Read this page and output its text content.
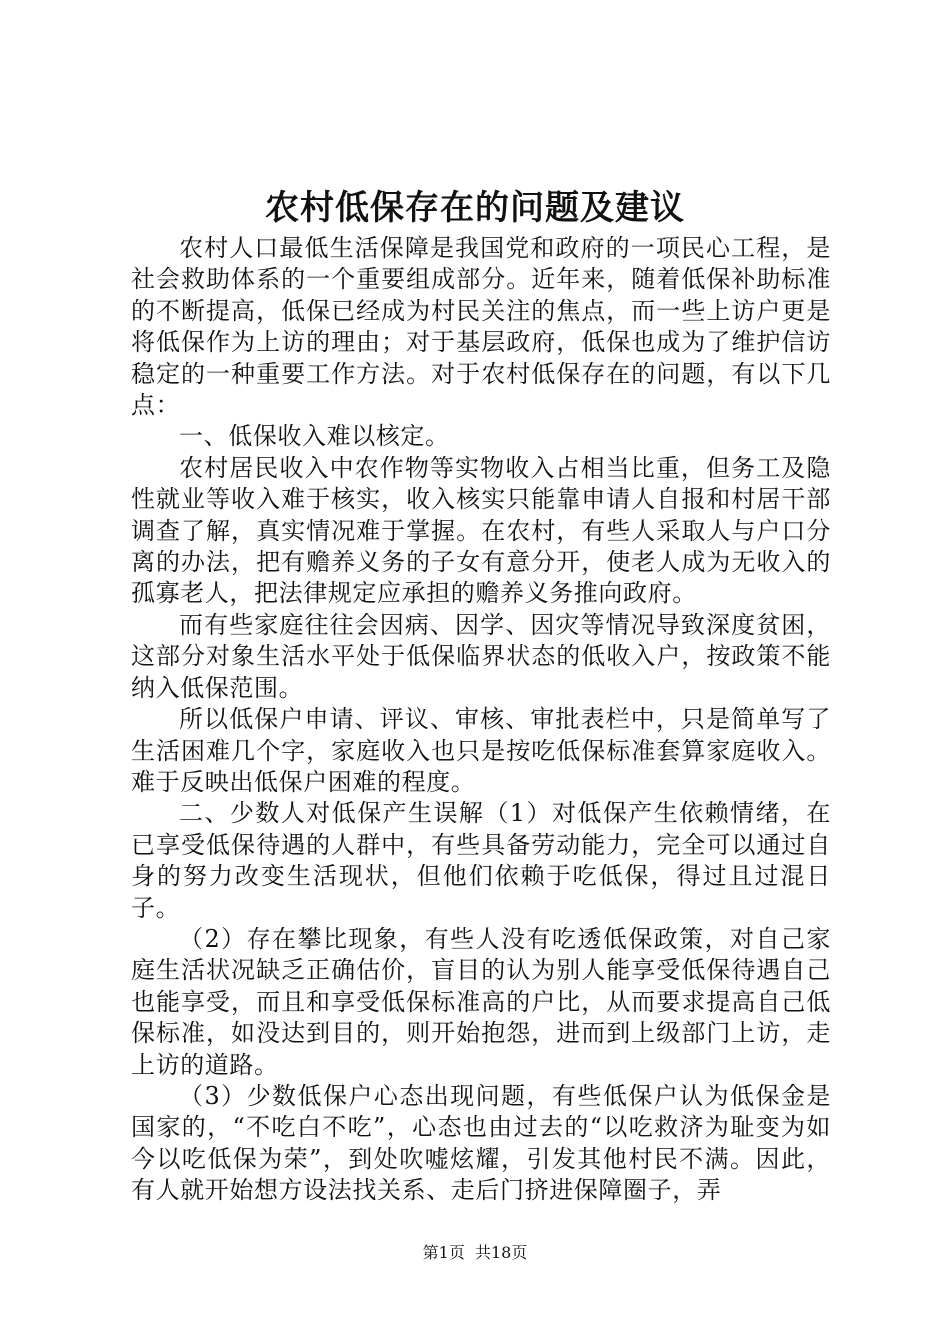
农村低保存在的问题及建议

农村人口最低生活保障是我国党和政府的一项民心工程，是社会救助体系的一个重要组成部分。近年来，随着低保补助标准的不断提高，低保已经成为村民关注的焦点，而一些上访户更是将低保作为上访的理由；对于基层政府，低保也成为了维护信访稳定的一种重要工作方法。对于农村低保存在的问题，有以下几点：

一、低保收入难以核定。

农村居民收入中农作物等实物收入占相当比重，但务工及隐性就业等收入难于核实，收入核实只能靠申请人自报和村居干部调查了解，真实情况难于掌握。在农村，有些人采取人与户口分离的办法，把有赡养义务的子女有意分开，使老人成为无收入的孤寡老人，把法律规定应承担的赡养义务推向政府。

而有些家庭往往会因病、因学、因灾等情况导致深度贫困，这部分对象生活水平处于低保临界状态的低收入户，按政策不能纳入低保范围。

所以低保户申请、评议、审核、审批表栏中，只是简单写了生活困难几个字，家庭收入也只是按吃低保标准套算家庭收入。难于反映出低保户困难的程度。

二、少数人对低保产生误解（1）对低保产生依赖情绪，在已享受低保待遇的人群中，有些具备劳动能力，完全可以通过自身的努力改变生活现状，但他们依赖于吃低保，得过且过混日子。

（2）存在攀比现象，有些人没有吃透低保政策，对自己家庭生活状况缺乏正确估价，盲目的认为别人能享受低保待遇自己也能享受，而且和享受低保标准高的户比，从而要求提高自己低保标准，如没达到目的，则开始抱怨，进而到上级部门上访，走上访的道路。

（3）少数低保户心态出现问题，有些低保户认为低保金是国家的，“不吃白不吃”，心态也由过去的“以吃救济为耻变为如今以吃低保为荣”，到处吹嘘炫耀，引发其他村民不满。因此，有人就开始想方设法找关系、走后门挤进保障圈子，弄

第1页  共18页
